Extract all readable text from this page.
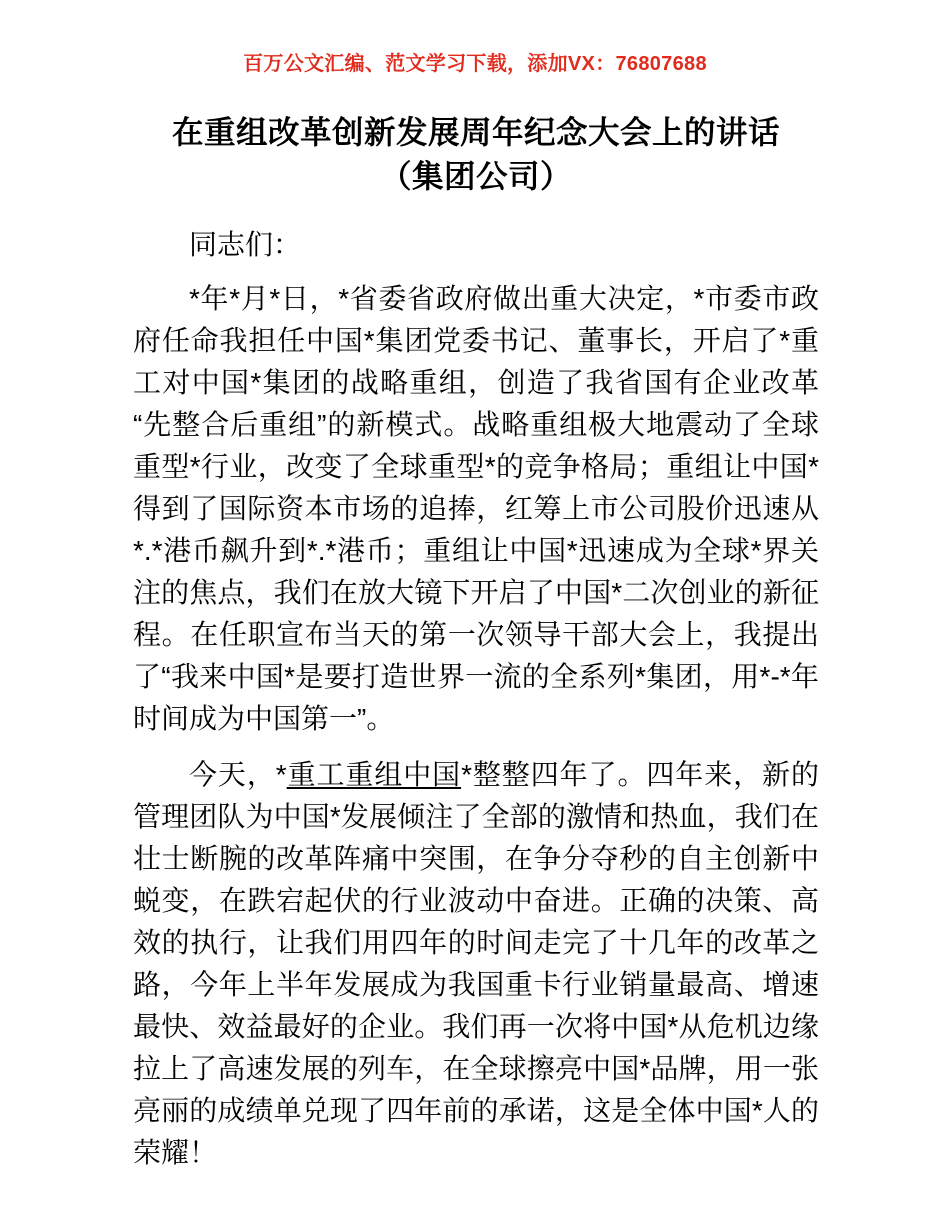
百万公文汇编、范文学习下载，添加VX：76807688
在重组改革创新发展周年纪念大会上的讲话
（集团公司）

同志们：

*年*月*日，*省委省政府做出重大决定，*市委市政府任命我担任中国*集团党委书记、董事长，开启了*重工对中国*集团的战略重组，创造了我省国有企业改革“先整合后重组”的新模式。战略重组极大地震动了全球重型*行业，改变了全球重型*的竞争格局；重组让中国*得到了国际资本市场的追捧，红筹上市公司股价迅速从*.*港币飙升到*.*港币；重组让中国*迅速成为全球*界关注的焦点，我们在放大镜下开启了中国*二次创业的新征程。在任职宣布当天的第一次领导干部大会上，我提出了“我来中国*是要打造世界一流的全系列*集团，用*-*年时间成为中国第一”。

今天，*重工重组中国*整整四年了。四年来，新的管理团队为中国*发展倾注了全部的激情和热血，我们在壮士断腕的改革阵痛中突围，在争分夺秒的自主创新中蜕变，在跌宕起伏的行业波动中奋进。正确的决策、高效的执行，让我们用四年的时间走完了十几年的改革之路，今年上半年发展成为我国重卡行业销量最高、增速最快、效益最好的企业。我们再一次将中国*从危机边缘拉上了高速发展的列车，在全球擦亮中国*品牌，用一张亮丽的成绩单兑现了四年前的承诺，这是全体中国*人的荣耀！
